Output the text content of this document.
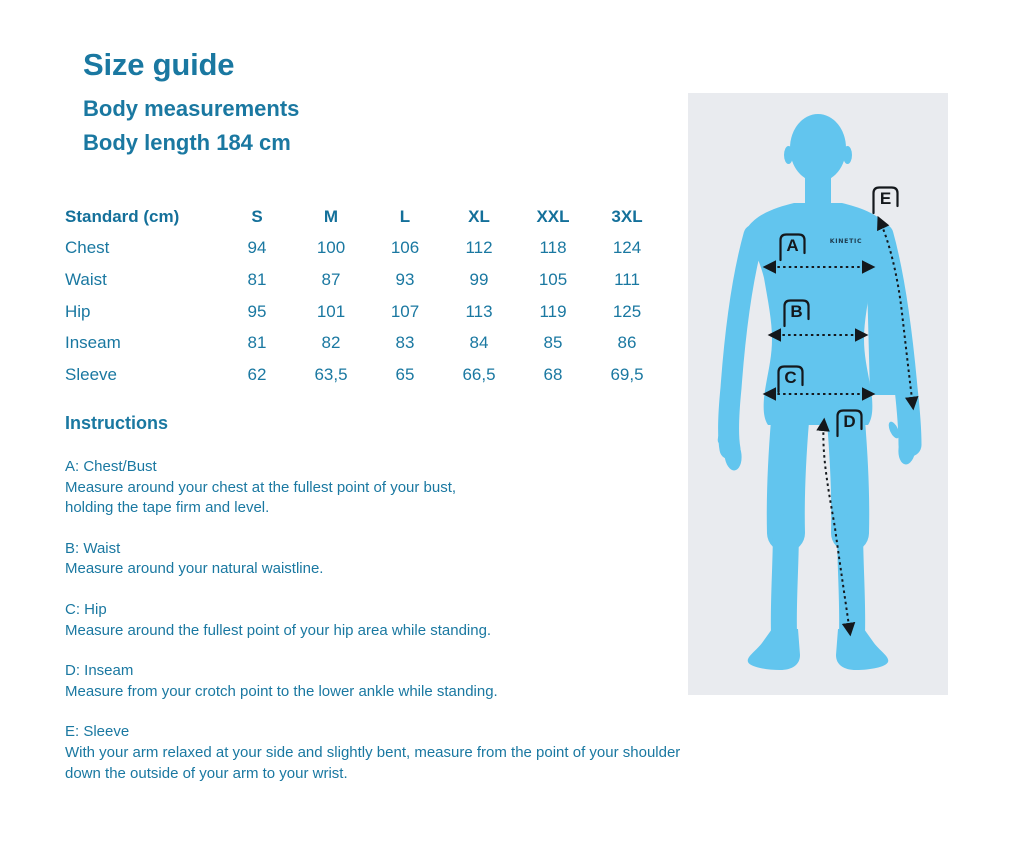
Size guide

Body measurements

Body length 184 cm

Standard (cm)	S	M	L	XL	XXL	3XL
Chest	94	100	106	112	118	124
Waist	81	87	93	99	105	111
Hip	95	101	107	113	119	125
Inseam	81	82	83	84	85	86
Sleeve	62	63,5	65	66,5	68	69,5
Instructions

A: Chest/Bust

Measure around your chest at the fullest point of your bust,

holding the tape firm and level.

B: Waist

Measure around your natural waistline.

C: Hip

Measure around the fullest point of your hip area while standing.

D: Inseam

Measure from your crotch point to the lower ankle while standing.

E: Sleeve

With your arm relaxed at your side and slightly bent, measure from the point of your shoulder

down the outside of your arm to your wrist.

KINETIC
A
B
C
D
E
